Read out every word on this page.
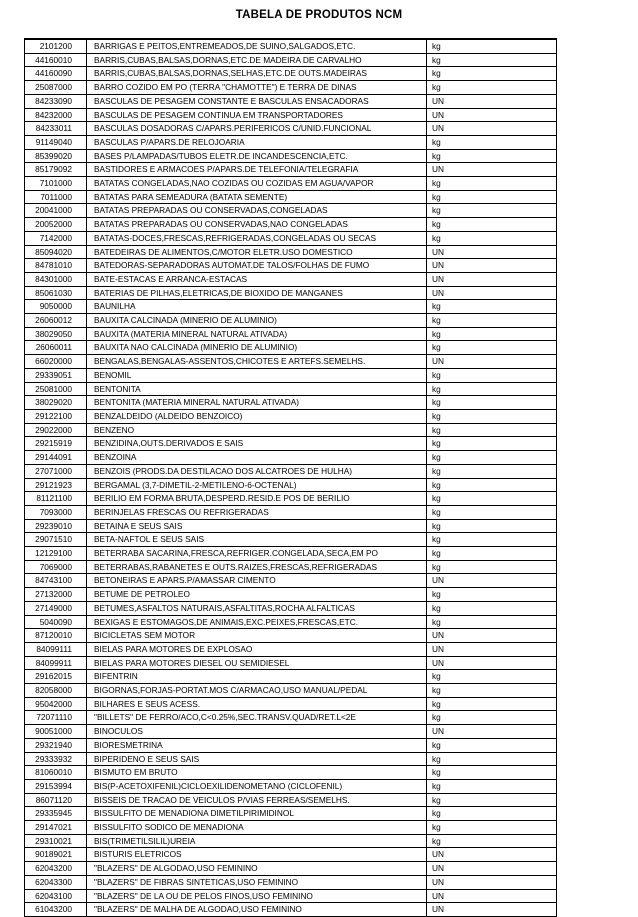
TABELA DE PRODUTOS NCM
2101200	BARRIGAS E PEITOS,ENTREMEADOS,DE SUINO,SALGADOS,ETC.	kg
44160010	BARRIS,CUBAS,BALSAS,DORNAS,ETC.DE MADEIRA DE CARVALHO	kg
44160090	BARRIS,CUBAS,BALSAS,DORNAS,SELHAS,ETC.DE OUTS.MADEIRAS	kg
25087000	BARRO COZIDO EM PO (TERRA "CHAMOTTE") E TERRA DE DINAS	kg
84233090	BASCULAS DE PESAGEM CONSTANTE E BASCULAS ENSACADORAS	UN
84232000	BASCULAS DE PESAGEM CONTINUA EM TRANSPORTADORES	UN
84233011	BASCULAS DOSADORAS C/APARS.PERIFERICOS C/UNID.FUNCIONAL	UN
91149040	BASCULAS P/APARS.DE RELOJOARIA	kg
85399020	BASES P/LAMPADAS/TUBOS ELETR.DE INCANDESCENCIA,ETC.	kg
85179092	BASTIDORES E ARMACOES P/APARS.DE TELEFONIA/TELEGRAFIA	UN
7101000	BATATAS CONGELADAS,NAO COZIDAS OU COZIDAS EM AGUA/VAPOR	kg
7011000	BATATAS PARA SEMEADURA (BATATA SEMENTE)	kg
20041000	BATATAS PREPARADAS OU CONSERVADAS,CONGELADAS	kg
20052000	BATATAS PREPARADAS OU CONSERVADAS,NAO CONGELADAS	kg
7142000	BATATAS-DOCES,FRESCAS,REFRIGERADAS,CONGELADAS OU SECAS	kg
85094020	BATEDEIRAS DE ALIMENTOS,C/MOTOR ELETR.USO DOMESTICO	UN
84781010	BATEDORAS-SEPARADORAS AUTOMAT.DE TALOS/FOLHAS DE FUMO	UN
84301000	BATE-ESTACAS E ARRANCA-ESTACAS	UN
85061030	BATERIAS DE PILHAS,ELETRICAS,DE BIOXIDO DE MANGANES	UN
9050000	BAUNILHA	kg
26060012	BAUXITA CALCINADA (MINERIO DE ALUMINIO)	kg
38029050	BAUXITA (MATERIA MINERAL NATURAL ATIVADA)	kg
26060011	BAUXITA NAO CALCINADA (MINERIO DE ALUMINIO)	kg
66020000	BENGALAS,BENGALAS-ASSENTOS,CHICOTES E ARTEFS.SEMELHS.	UN
29339051	BENOMIL	kg
25081000	BENTONITA	kg
38029020	BENTONITA (MATERIA MINERAL NATURAL ATIVADA)	kg
29122100	BENZALDEIDO (ALDEIDO BENZOICO)	kg
29022000	BENZENO	kg
29215919	BENZIDINA,OUTS.DERIVADOS E SAIS	kg
29144091	BENZOINA	kg
27071000	BENZOIS (PRODS.DA DESTILACAO DOS ALCATROES DE HULHA)	kg
29121923	BERGAMAL (3,7-DIMETIL-2-METILENO-6-OCTENAL)	kg
81121100	BERILIO EM FORMA BRUTA,DESPERD.RESID.E POS DE BERILIO	kg
7093000	BERINJELAS FRESCAS OU REFRIGERADAS	kg
29239010	BETAINA E SEUS SAIS	kg
29071510	BETA-NAFTOL E SEUS SAIS	kg
12129100	BETERRABA SACARINA,FRESCA,REFRIGER.CONGELADA,SECA,EM PO	kg
7069000	BETERRABAS,RABANETES E OUTS.RAIZES,FRESCAS,REFRIGERADAS	kg
84743100	BETONEIRAS E APARS.P/AMASSAR CIMENTO	UN
27132000	BETUME DE PETROLEO	kg
27149000	BETUMES,ASFALTOS NATURAIS,ASFALTITAS,ROCHA ALFALTICAS	kg
5040090	BEXIGAS E ESTOMAGOS,DE ANIMAIS,EXC.PEIXES,FRESCAS,ETC.	kg
87120010	BICICLETAS SEM MOTOR	UN
84099111	BIELAS PARA MOTORES DE EXPLOSAO	UN
84099911	BIELAS PARA MOTORES DIESEL OU SEMIDIESEL	UN
29162015	BIFENTRIN	kg
82058000	BIGORNAS,FORJAS-PORTAT.MOS C/ARMACAO,USO MANUAL/PEDAL	kg
95042000	BILHARES E SEUS ACESS.	kg
72071110	"BILLETS" DE FERRO/ACO,C<0.25%,SEC.TRANSV.QUAD/RET.L<2E	kg
90051000	BINOCULOS	UN
29321940	BIORESMETRINA	kg
29333932	BIPERIDENO E SEUS SAIS	kg
81060010	BISMUTO EM BRUTO	kg
29153994	BIS(P-ACETOXIFENIL)CICLOEXILIDENOMETANO (CICLOFENIL)	kg
86071120	BISSEIS DE TRACAO DE VEICULOS P/VIAS FERREAS/SEMELHS.	kg
29335945	BISSULFITO DE MENADIONA DIMETILPIRIMIDINOL	kg
29147021	BISSULFITO SODICO DE MENADIONA	kg
29310021	BIS(TRIMETILSILIL)UREIA	kg
90189021	BISTURIS ELETRICOS	UN
62043200	"BLAZERS" DE ALGODAO,USO FEMININO	UN
62043300	"BLAZERS" DE FIBRAS SINTETICAS,USO FEMININO	UN
62043100	"BLAZERS" DE LA OU DE PELOS FINOS,USO FEMININO	UN
61043200	"BLAZERS" DE MALHA DE ALGODAO,USO FEMININO	UN
